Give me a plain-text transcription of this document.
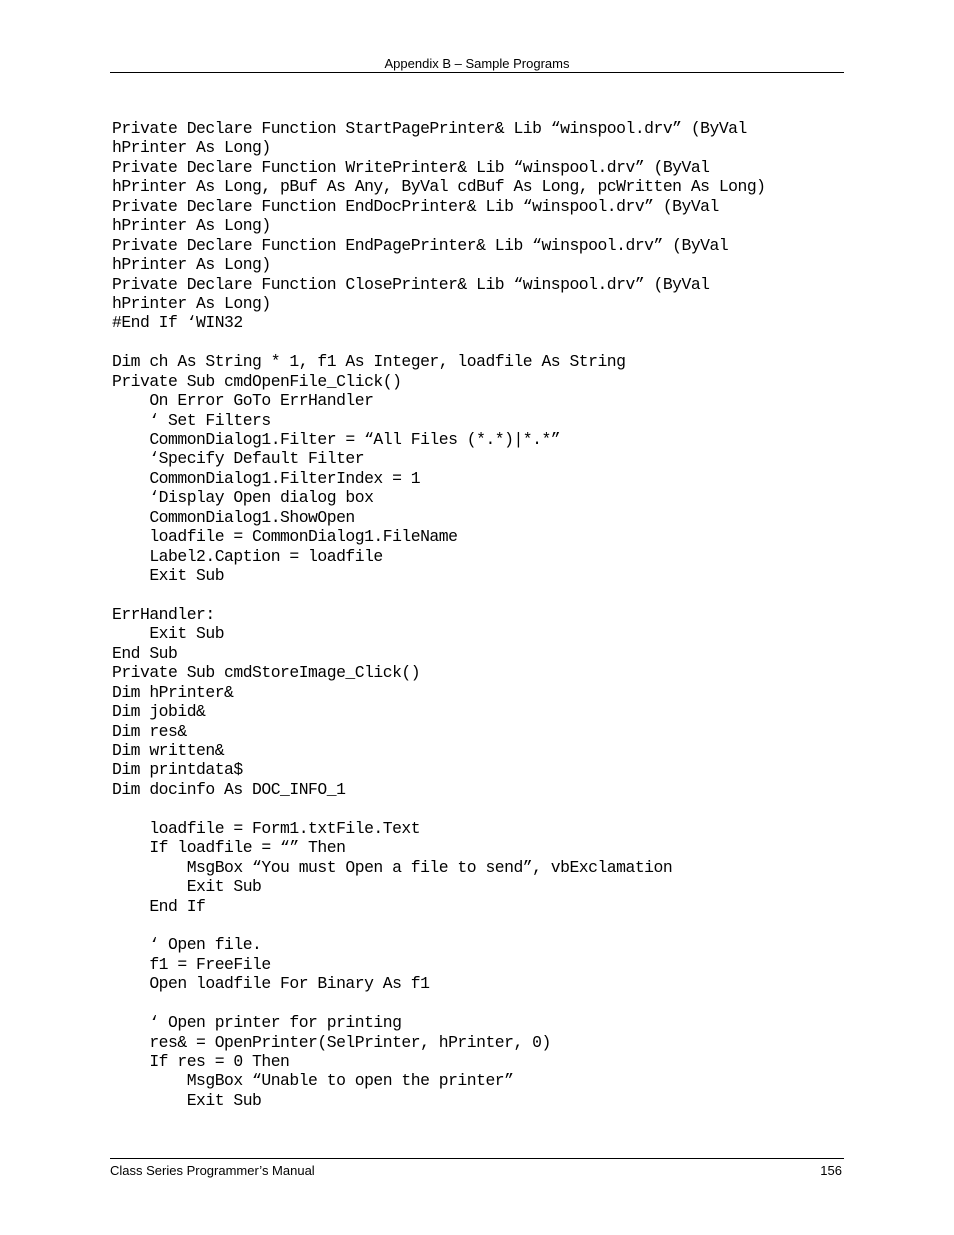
Appendix B – Sample Programs
Private Declare Function StartPagePrinter& Lib “winspool.drv” (ByVal
hPrinter As Long)
Private Declare Function WritePrinter& Lib “winspool.drv” (ByVal
hPrinter As Long, pBuf As Any, ByVal cdBuf As Long, pcWritten As Long)
Private Declare Function EndDocPrinter& Lib “winspool.drv” (ByVal
hPrinter As Long)
Private Declare Function EndPagePrinter& Lib “winspool.drv” (ByVal
hPrinter As Long)
Private Declare Function ClosePrinter& Lib “winspool.drv” (ByVal
hPrinter As Long)
#End If ‘WIN32
Dim ch As String * 1, f1 As Integer, loadfile As String
Private Sub cmdOpenFile_Click()
On Error GoTo ErrHandler
‘ Set Filters
CommonDialog1.Filter = “All Files (*.*)|*.*”
‘Specify Default Filter
CommonDialog1.FilterIndex = 1
‘Display Open dialog box
CommonDialog1.ShowOpen
loadfile = CommonDialog1.FileName
Label2.Caption = loadfile
Exit Sub
ErrHandler:
Exit Sub
End Sub
Private Sub cmdStoreImage_Click()
Dim hPrinter&
Dim jobid&
Dim res&
Dim written&
Dim printdata$
Dim docinfo As DOC_INFO_1
loadfile = Form1.txtFile.Text
If loadfile = “” Then
MsgBox “You must Open a file to send”, vbExclamation
Exit Sub
End If
‘ Open file.
f1 = FreeFile
Open loadfile For Binary As f1
‘ Open printer for printing
res& = OpenPrinter(SelPrinter, hPrinter, 0)
If res = 0 Then
MsgBox “Unable to open the printer”
Exit Sub
Class Series Programmer’s Manual	156
